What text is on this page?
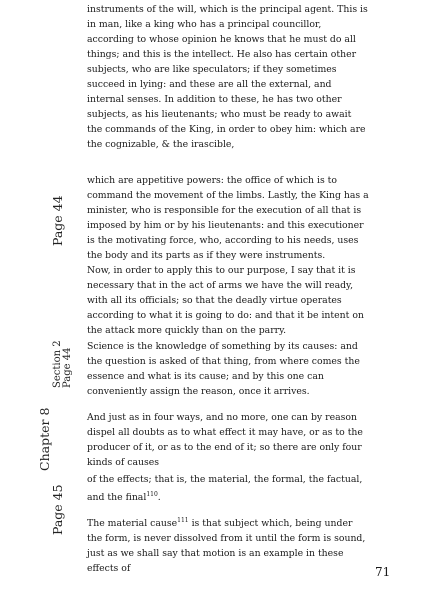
instruments of the will, which is the principal agent. This is in man, like a king who has a principal councillor, according to whose opinion he knows that he must do all things; and this is the intellect. He also has certain other subjects, who are like speculators; if they sometimes succeed in lying: and these are all the external, and internal senses. In addition to these, he has two other subjects, as his lieutenants; who must be ready to await the commands of the King, in order to obey him: which are the cognizable, & the irascible,

which are appetitive powers: the office of which is to command the movement of the limbs. Lastly, the King has a minister, who is responsible for the execution of all that is imposed by him or by his lieutenants: and this executioner is the motivating force, who, according to his needs, uses the body and its parts as if they were instruments.

Now, in order to apply this to our purpose, I say that it is necessary that in the act of arms we have the will ready, with all its officials; so that the deadly virtue operates according to what it is going to do: and that it be intent on the attack more quickly than on the parry.

Science is the knowledge of something by its causes: and the question is asked of that thing, from where comes the essence and what is its cause; and by this one can conveniently assign the reason, once it arrives.

And just as in four ways, and no more, one can by reason dispel all doubts as to what effect it may have, or as to the producer of it, or as to the end of it; so there are only four kinds of causes

of the effects; that is, the material, the formal, the factual, and the final$^{110}$.

The material cause$^{111}$ is that subject which, being under the form, is never dissolved from it until the form is sound, just as we shall say that motion is an example in these effects of

Page 44
Chapter 8
Section 2 Page 44
Page 45
71
